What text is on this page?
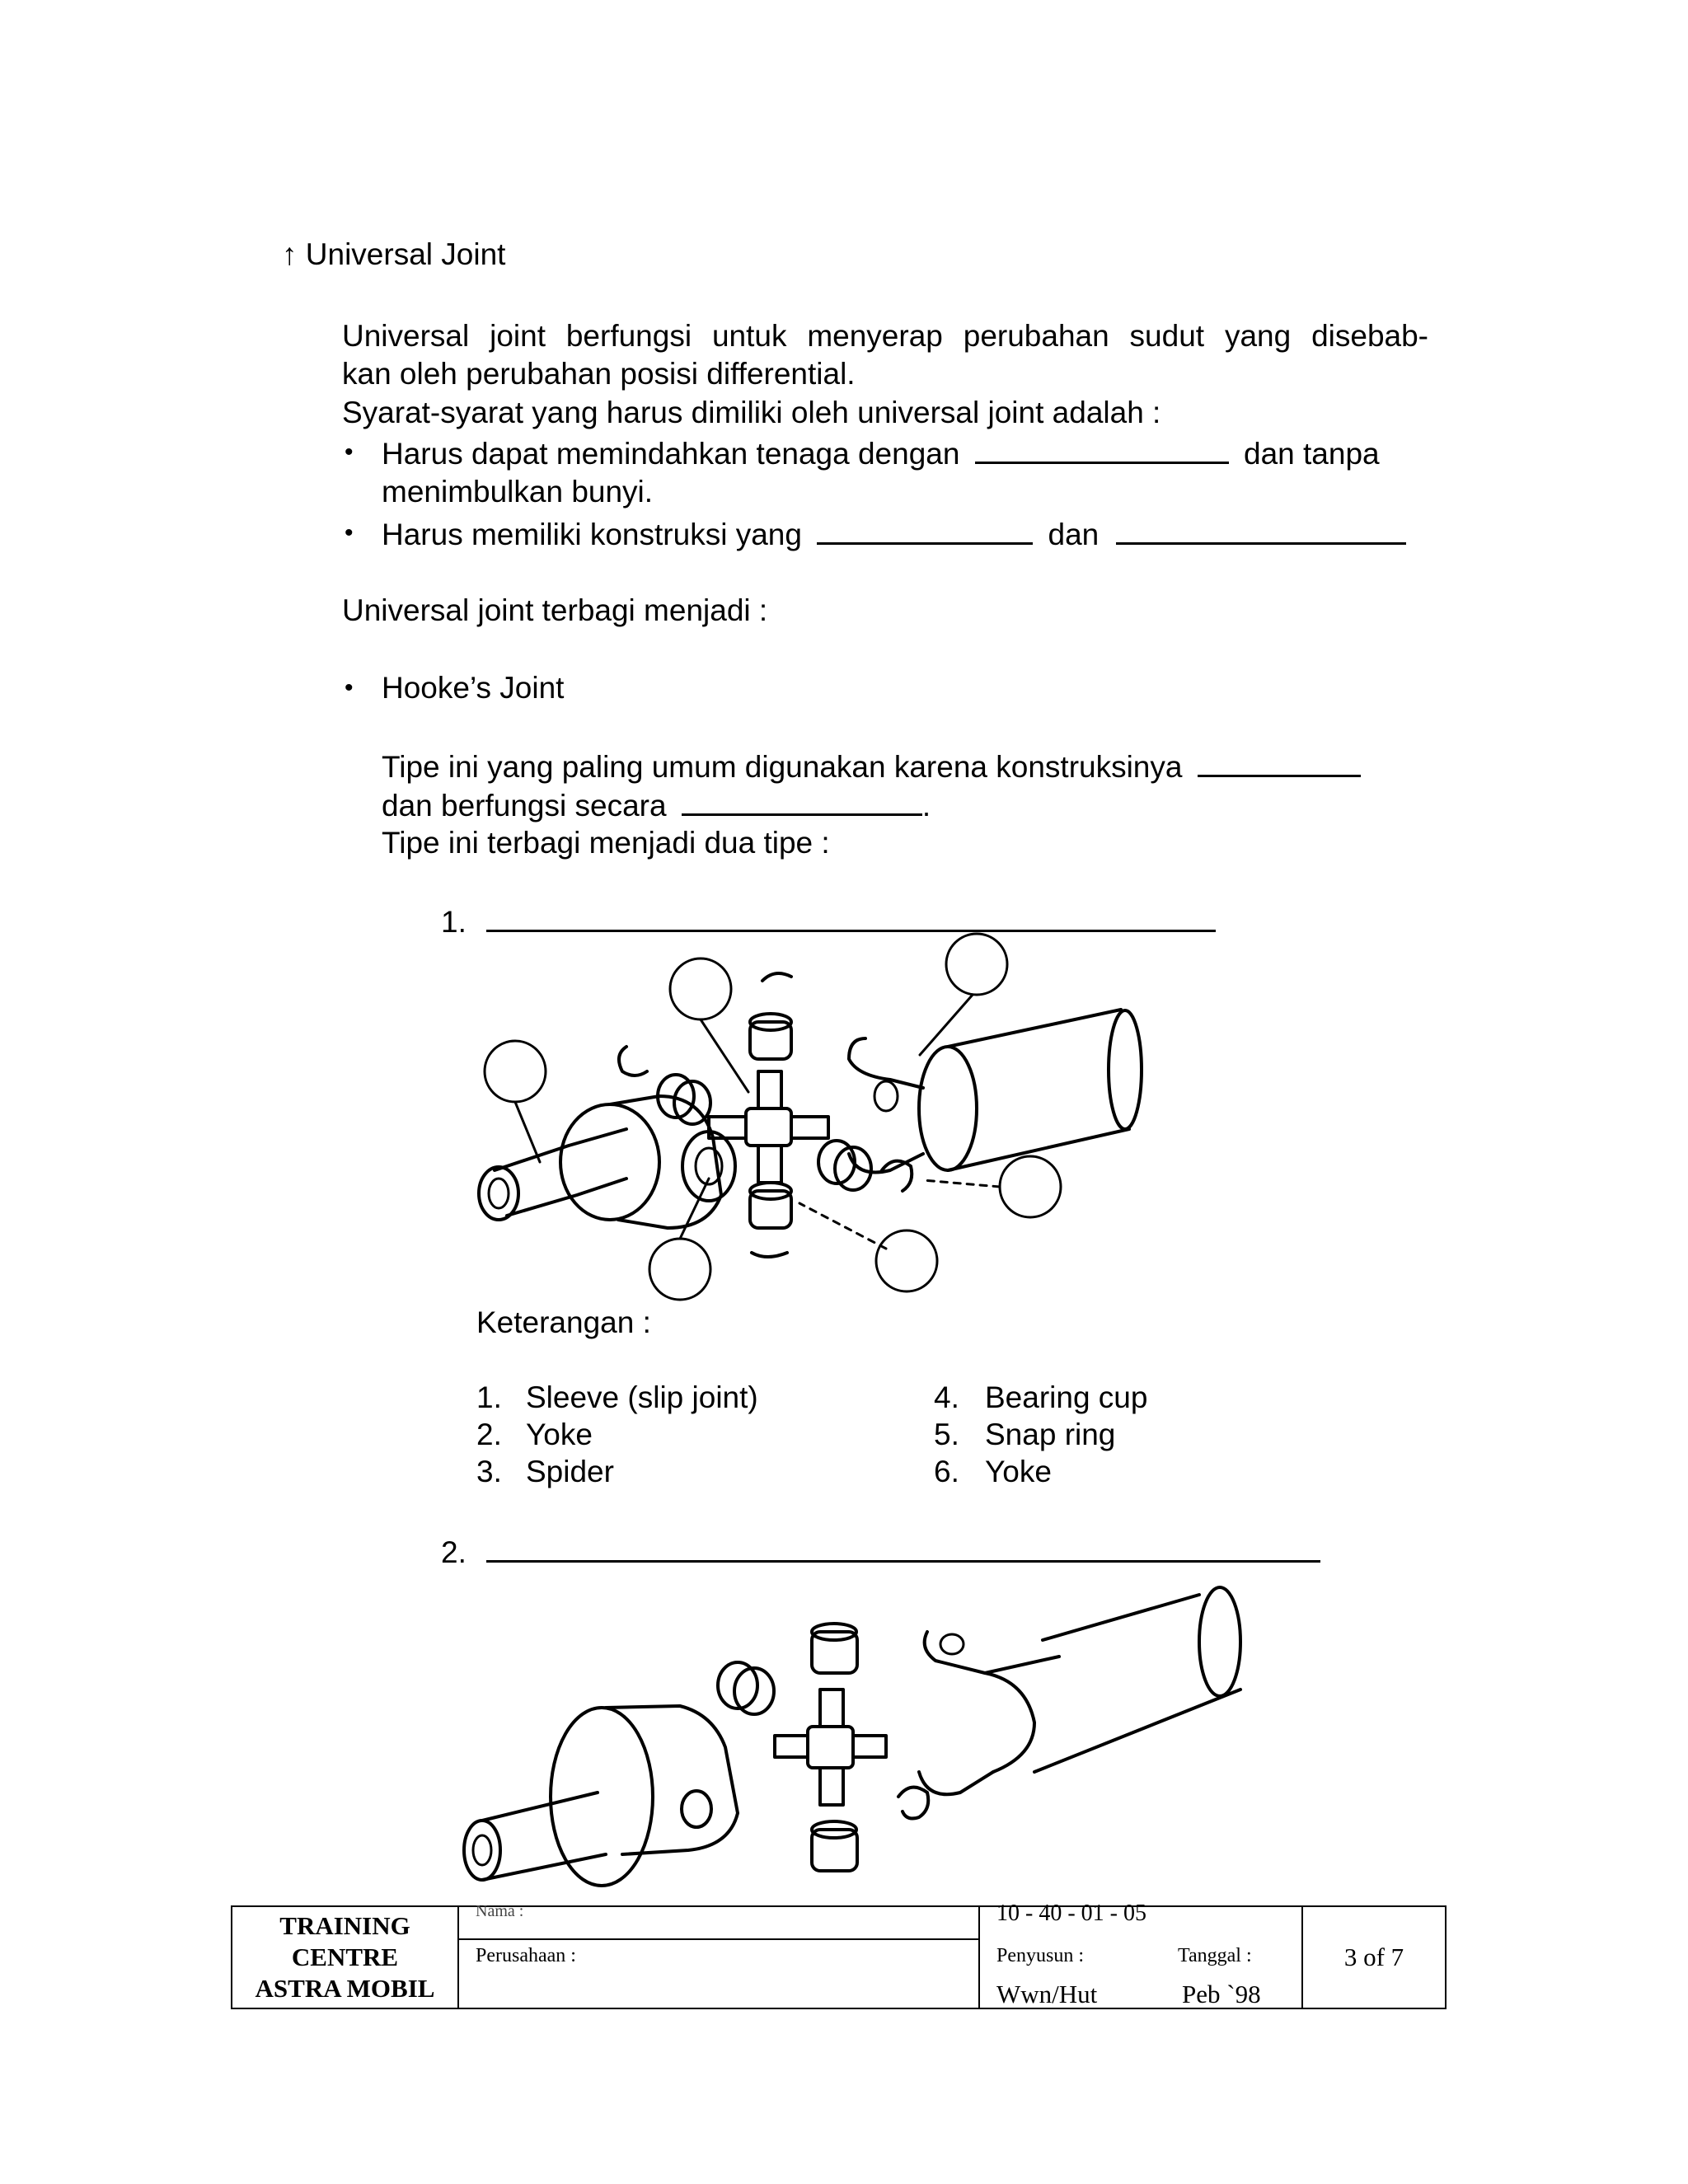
↑ Universal Joint
Universal joint berfungsi untuk menyerap perubahan sudut yang disebab-
kan oleh perubahan posisi differential.
Syarat-syarat yang harus dimiliki oleh universal joint adalah :
• Harus dapat memindahkan tenaga dengan	dan tanpa
menimbulkan bunyi.
• Harus memiliki konstruksi yang	dan
Universal joint terbagi menjadi :
• Hooke’s Joint
Tipe ini yang paling umum digunakan karena konstruksinya
dan berfungsi secara	.
Tipe ini terbagi menjadi dua tipe :
1.
Keterangan :
1. Sleeve (slip joint)
2. Yoke
3. Spider
4. Bearing cup
5. Snap ring
6. Yoke
2.
TRAINING
CENTRE
ASTRA MOBIL

Nama :
Perusahaan :

10 - 40 - 01 - 05
Penyusun :
Wwn/Hut
Tanggal :
Peb `98
	3 of 7
